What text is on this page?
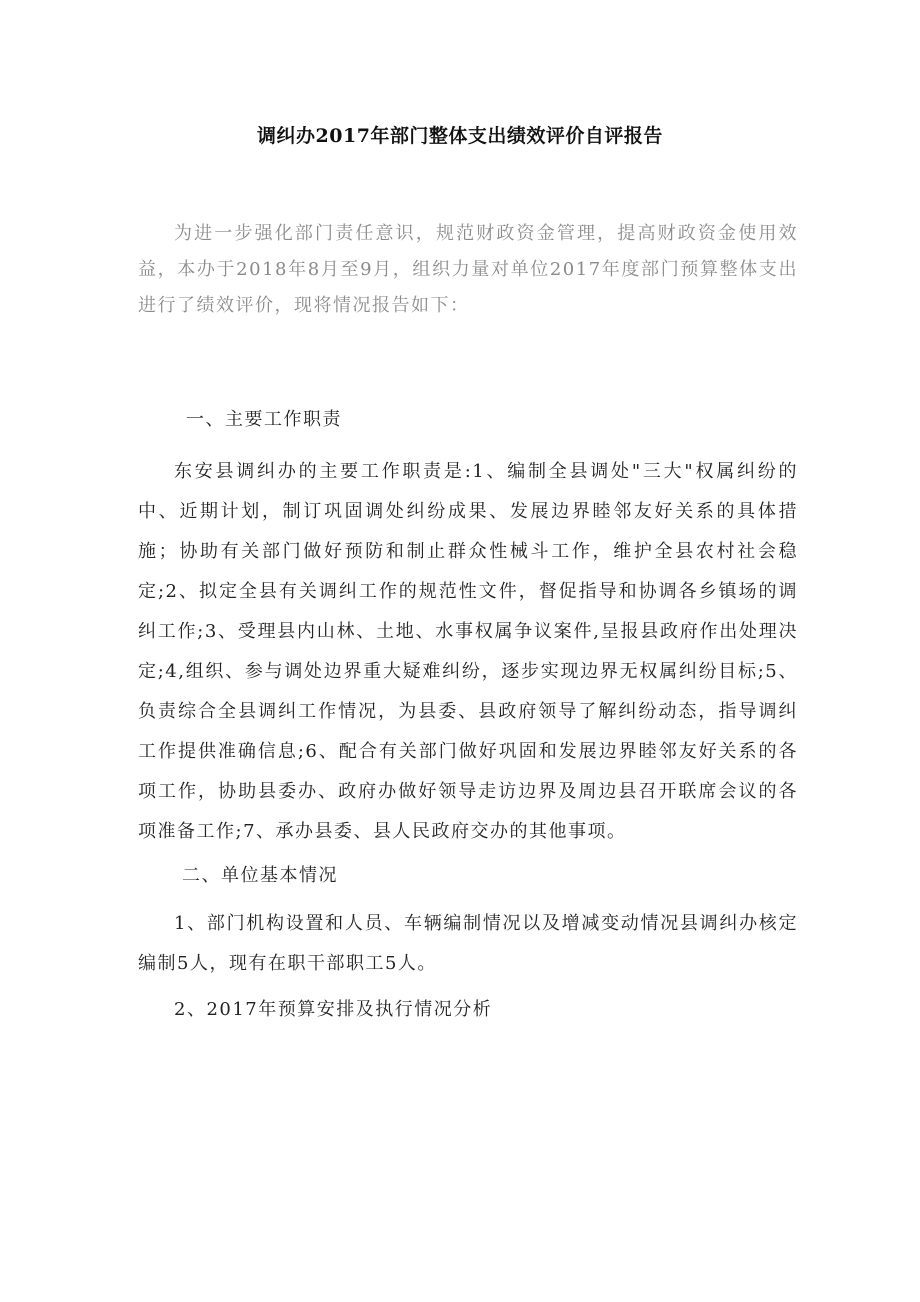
调纠办2017年部门整体支出绩效评价自评报告

为进一步强化部门责任意识，规范财政资金管理，提高财政资金使用效益，本办于2018年8月至9月，组织力量对单位2017年度部门预算整体支出进行了绩效评价，现将情况报告如下：

一、主要工作职责

东安县调纠办的主要工作职责是:1、编制全县调处"三大"权属纠纷的中、近期计划，制订巩固调处纠纷成果、发展边界睦邻友好关系的具体措施；协助有关部门做好预防和制止群众性械斗工作，维护全县农村社会稳定;2、拟定全县有关调纠工作的规范性文件，督促指导和协调各乡镇场的调纠工作;3、受理县内山林、土地、水事权属争议案件,呈报县政府作出处理决定;4,组织、参与调处边界重大疑难纠纷，逐步实现边界无权属纠纷目标;5、负责综合全县调纠工作情况，为县委、县政府领导了解纠纷动态，指导调纠工作提供准确信息;6、配合有关部门做好巩固和发展边界睦邻友好关系的各项工作，协助县委办、政府办做好领导走访边界及周边县召开联席会议的各项准备工作;7、承办县委、县人民政府交办的其他事项。

二、单位基本情况

1、部门机构设置和人员、车辆编制情况以及增减变动情况县调纠办核定编制5人，现有在职干部职工5人。

2、2017年预算安排及执行情况分析
